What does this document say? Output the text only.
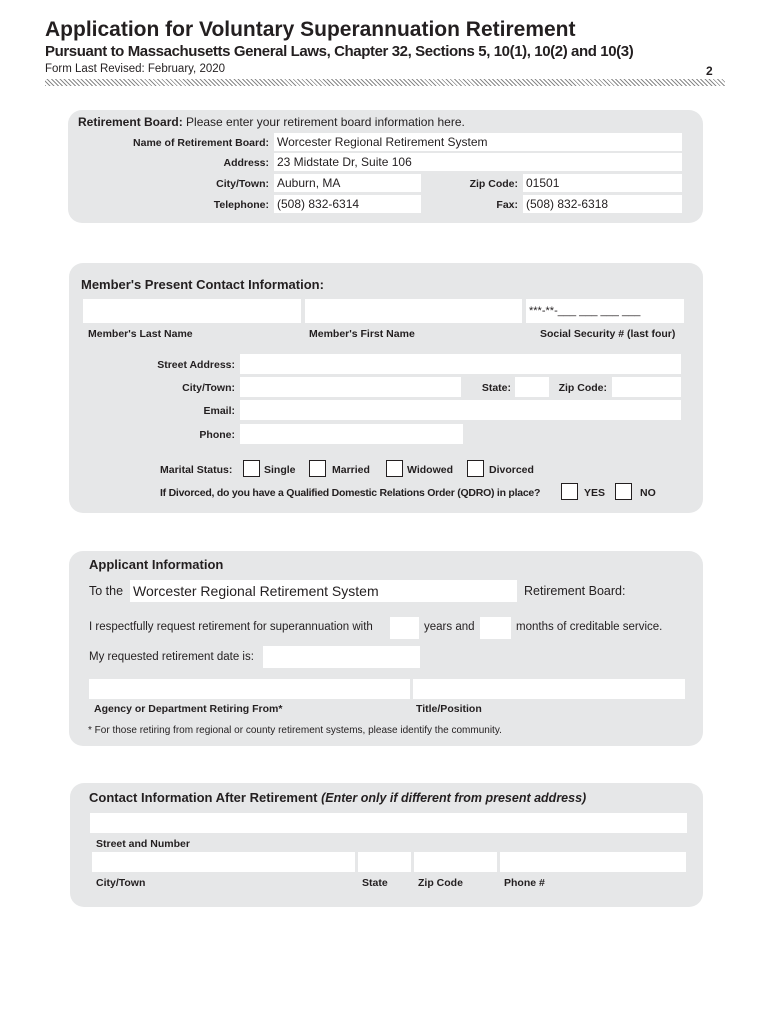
Application for Voluntary Superannuation Retirement
Pursuant to Massachusetts General Laws, Chapter 32, Sections 5, 10(1), 10(2) and 10(3)
Form Last Revised: February, 2020	2
Retirement Board: Please enter your retirement board information here.
Name of Retirement Board: Worcester Regional Retirement System
Address: 23 Midstate Dr, Suite 106
City/Town: Auburn, MA	Zip Code: 01501
Telephone: (508) 832-6314	Fax: (508) 832-6318
Member's Present Contact Information:
***-**-___ ___ ___ ___
Member's Last Name	Member's First Name	Social Security # (last four)
Street Address:
City/Town:	State:	Zip Code:
Email:
Phone:
Marital Status:	Single	Married	Widowed	Divorced
If Divorced, do you have a Qualified Domestic Relations Order (QDRO) in place?	YES	NO
Applicant Information
To the Worcester Regional Retirement System	Retirement Board:
I respectfully request retirement for superannuation with	years and	months of creditable service.
My requested retirement date is:
Agency or Department Retiring From*	Title/Position
* For those retiring from regional or county retirement systems, please identify the community.
Contact Information After Retirement (Enter only if different from present address)
Street and Number
City/Town	State	Zip Code	Phone #
